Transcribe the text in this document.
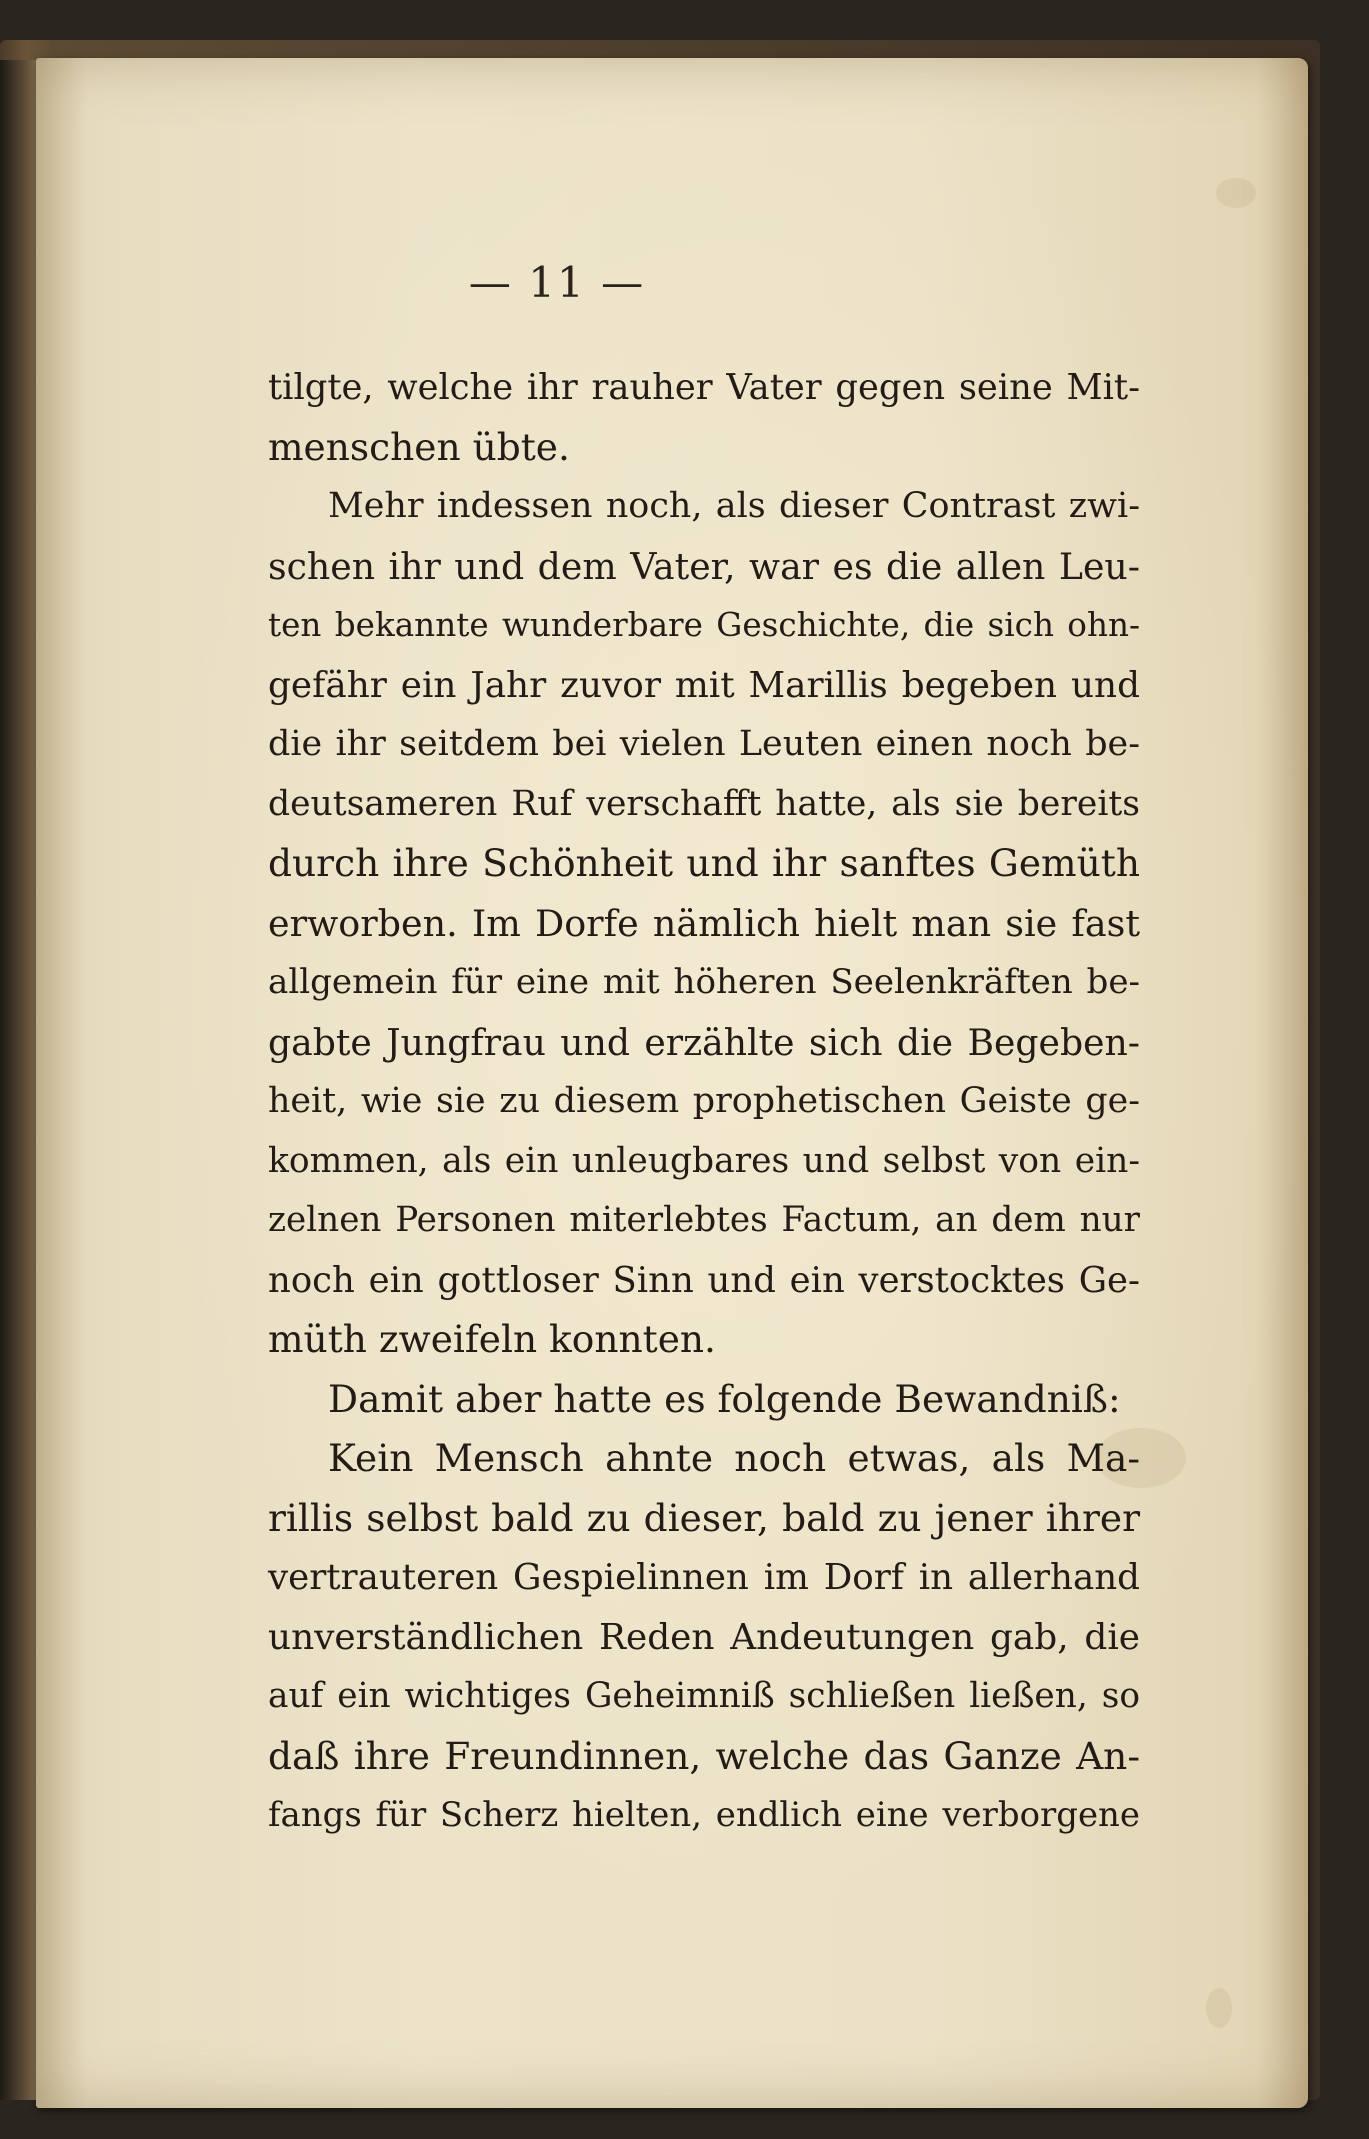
— 11 —
tilgte, welche ihr rauher Vater gegen seine Mit-
menschen übte.
Mehr indessen noch, als dieser Contrast zwi-
schen ihr und dem Vater, war es die allen Leu-
ten bekannte wunderbare Geschichte, die sich ohn-
gefähr ein Jahr zuvor mit Marillis begeben und
die ihr seitdem bei vielen Leuten einen noch be-
deutsameren Ruf verschafft hatte, als sie bereits
durch ihre Schönheit und ihr sanftes Gemüth
erworben. Im Dorfe nämlich hielt man sie fast
allgemein für eine mit höheren Seelenkräften be-
gabte Jungfrau und erzählte sich die Begeben-
heit, wie sie zu diesem prophetischen Geiste ge-
kommen, als ein unleugbares und selbst von ein-
zelnen Personen miterlebtes Factum, an dem nur
noch ein gottloser Sinn und ein verstocktes Ge-
müth zweifeln konnten.
Damit aber hatte es folgende Bewandniß:
Kein Mensch ahnte noch etwas, als Ma-
rillis selbst bald zu dieser, bald zu jener ihrer
vertrauteren Gespielinnen im Dorf in allerhand
unverständlichen Reden Andeutungen gab, die
auf ein wichtiges Geheimniß schließen ließen, so
daß ihre Freundinnen, welche das Ganze An-
fangs für Scherz hielten, endlich eine verborgene
